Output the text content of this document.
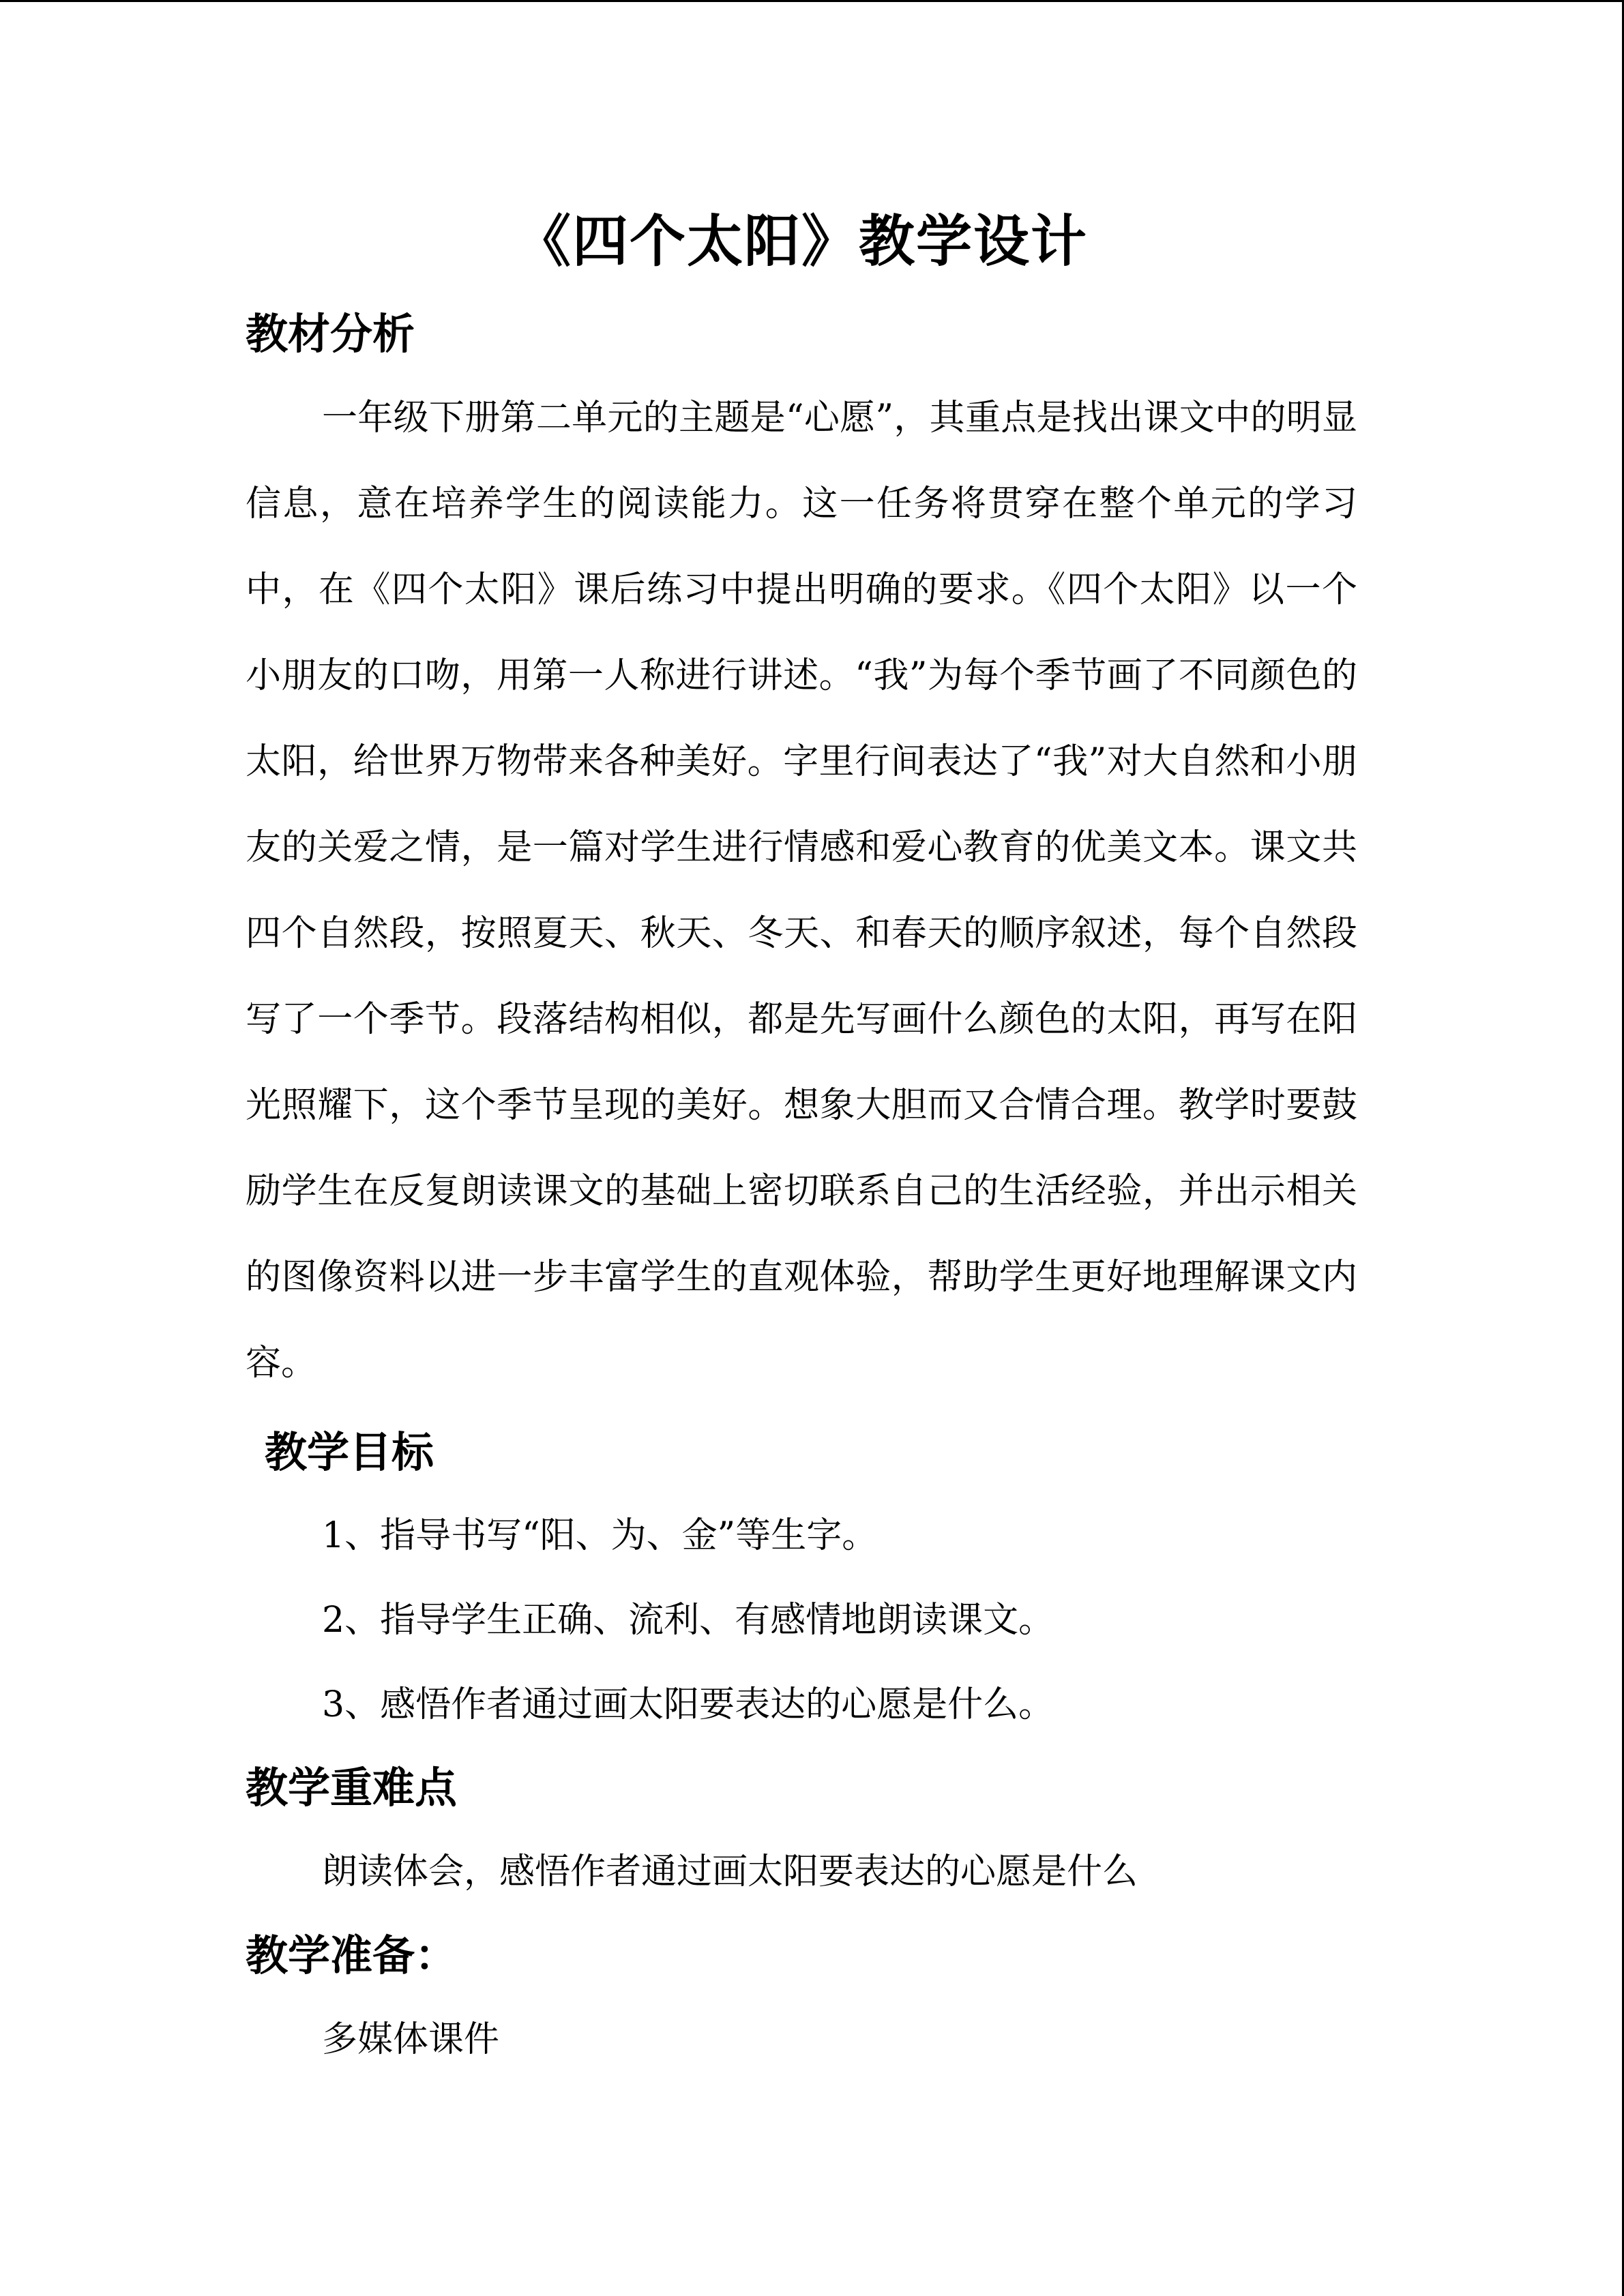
《四个太阳》教学设计
教材分析

一年级下册第二单元的主题是“心愿”，其重点是找出课文中的明显信息，意在培养学生的阅读能力。这一任务将贯穿在整个单元的学习中，在《四个太阳》课后练习中提出明确的要求。《四个太阳》以一个小朋友的口吻，用第一人称进行讲述。“我”为每个季节画了不同颜色的太阳，给世界万物带来各种美好。字里行间表达了“我”对大自然和小朋友的关爱之情，是一篇对学生进行情感和爱心教育的优美文本。课文共四个自然段，按照夏天、秋天、冬天、和春天的顺序叙述，每个自然段写了一个季节。段落结构相似，都是先写画什么颜色的太阳，再写在阳光照耀下，这个季节呈现的美好。想象大胆而又合情合理。教学时要鼓励学生在反复朗读课文的基础上密切联系自己的生活经验，并出示相关的图像资料以进一步丰富学生的直观体验，帮助学生更好地理解课文内容。

教学目标

1、指导书写“阳、为、金”等生字。

2、指导学生正确、流利、有感情地朗读课文。

3、感悟作者通过画太阳要表达的心愿是什么。

教学重难点

朗读体会，感悟作者通过画太阳要表达的心愿是什么

教学准备：

多媒体课件
